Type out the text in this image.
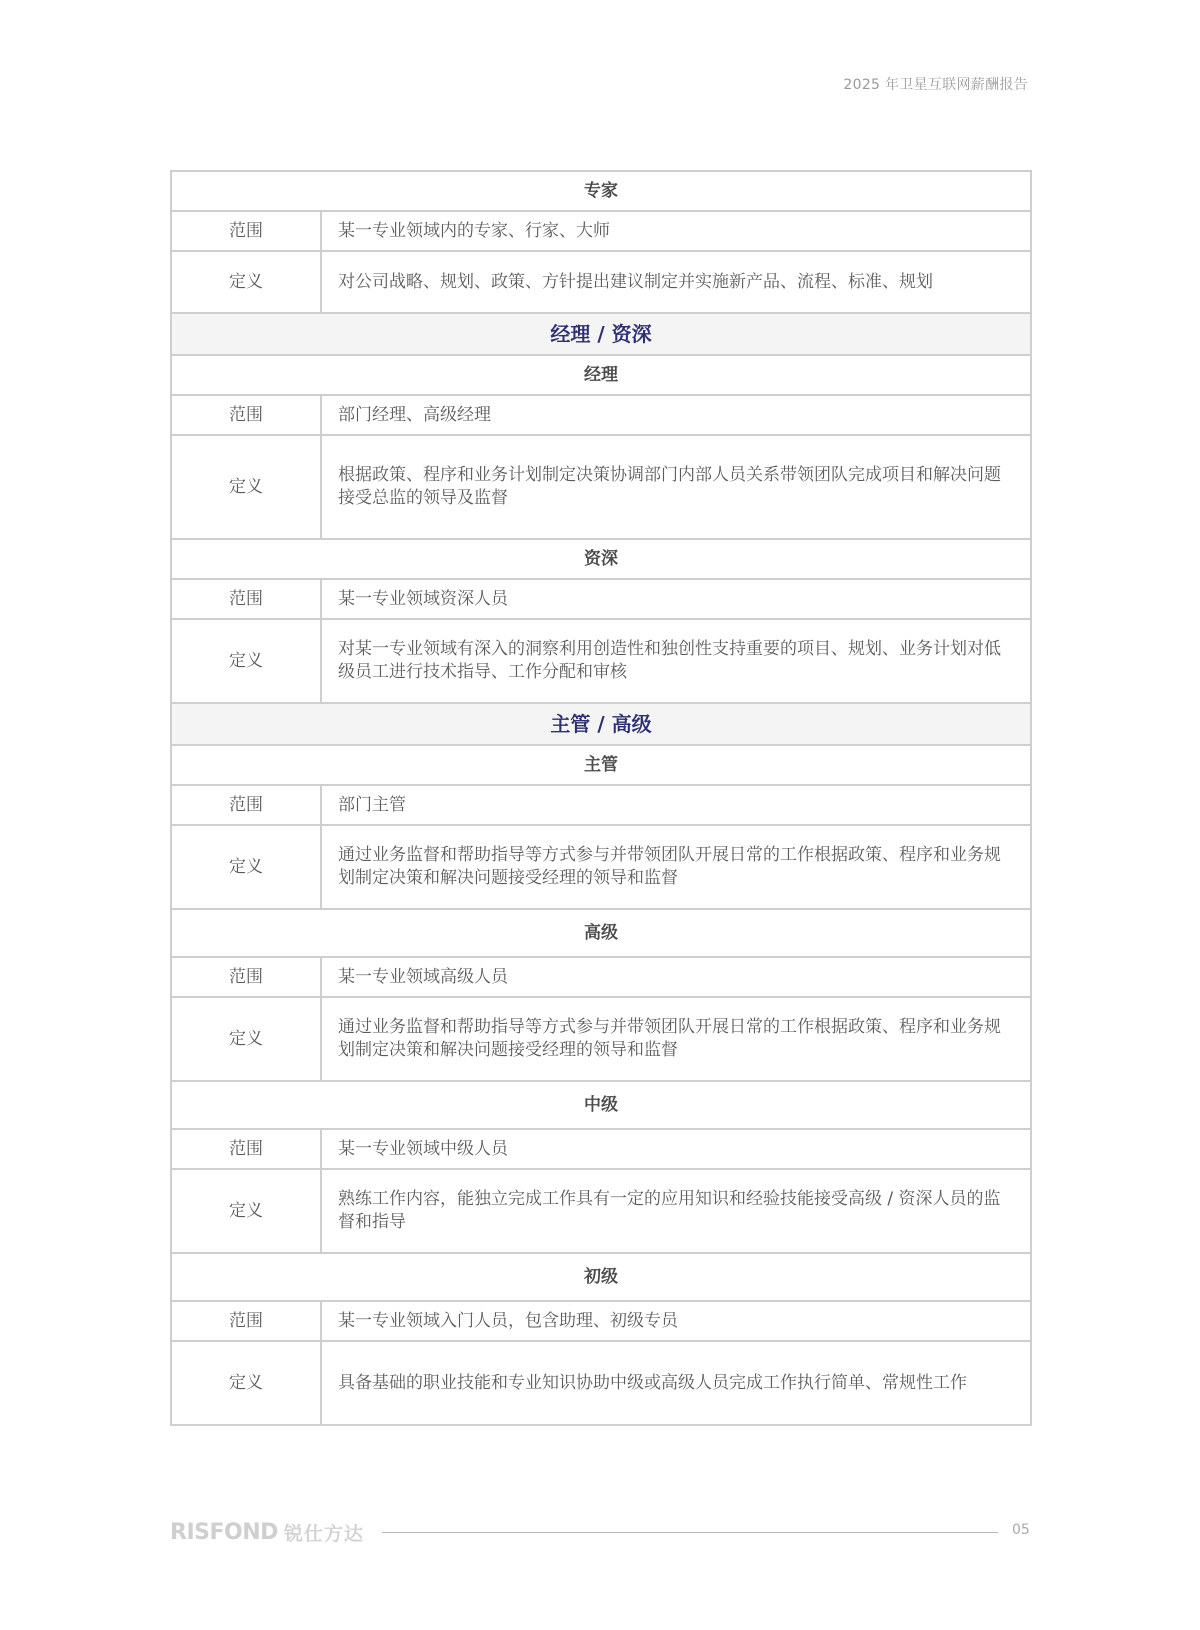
2025 年卫星互联网薪酬报告
专家	
范围	某一专业领域内的专家、行家、大师
定义	对公司战略、规划、政策、方针提出建议制定并实施新产品、流程、标准、规划
经理 / 资深	
经理	
范围	部门经理、高级经理
定义	根据政策、程序和业务计划制定决策协调部门内部人员关系带领团队完成项目和解决问题接受总监的领导及监督
资深	
范围	某一专业领域资深人员
定义	对某一专业领域有深入的洞察利用创造性和独创性支持重要的项目、规划、业务计划对低级员工进行技术指导、工作分配和审核
主管 / 高级	
主管	
范围	部门主管
定义	通过业务监督和帮助指导等方式参与并带领团队开展日常的工作根据政策、程序和业务规划制定决策和解决问题接受经理的领导和监督
高级	
范围	某一专业领域高级人员
定义	通过业务监督和帮助指导等方式参与并带领团队开展日常的工作根据政策、程序和业务规划制定决策和解决问题接受经理的领导和监督
中级	
范围	某一专业领域中级人员
定义	熟练工作内容，能独立完成工作具有一定的应用知识和经验技能接受高级 / 资深人员的监督和指导
初级	
范围	某一专业领域入门人员，包含助理、初级专员
定义	具备基础的职业技能和专业知识协助中级或高级人员完成工作执行简单、常规性工作
RISFOND 锐仕方达	05
